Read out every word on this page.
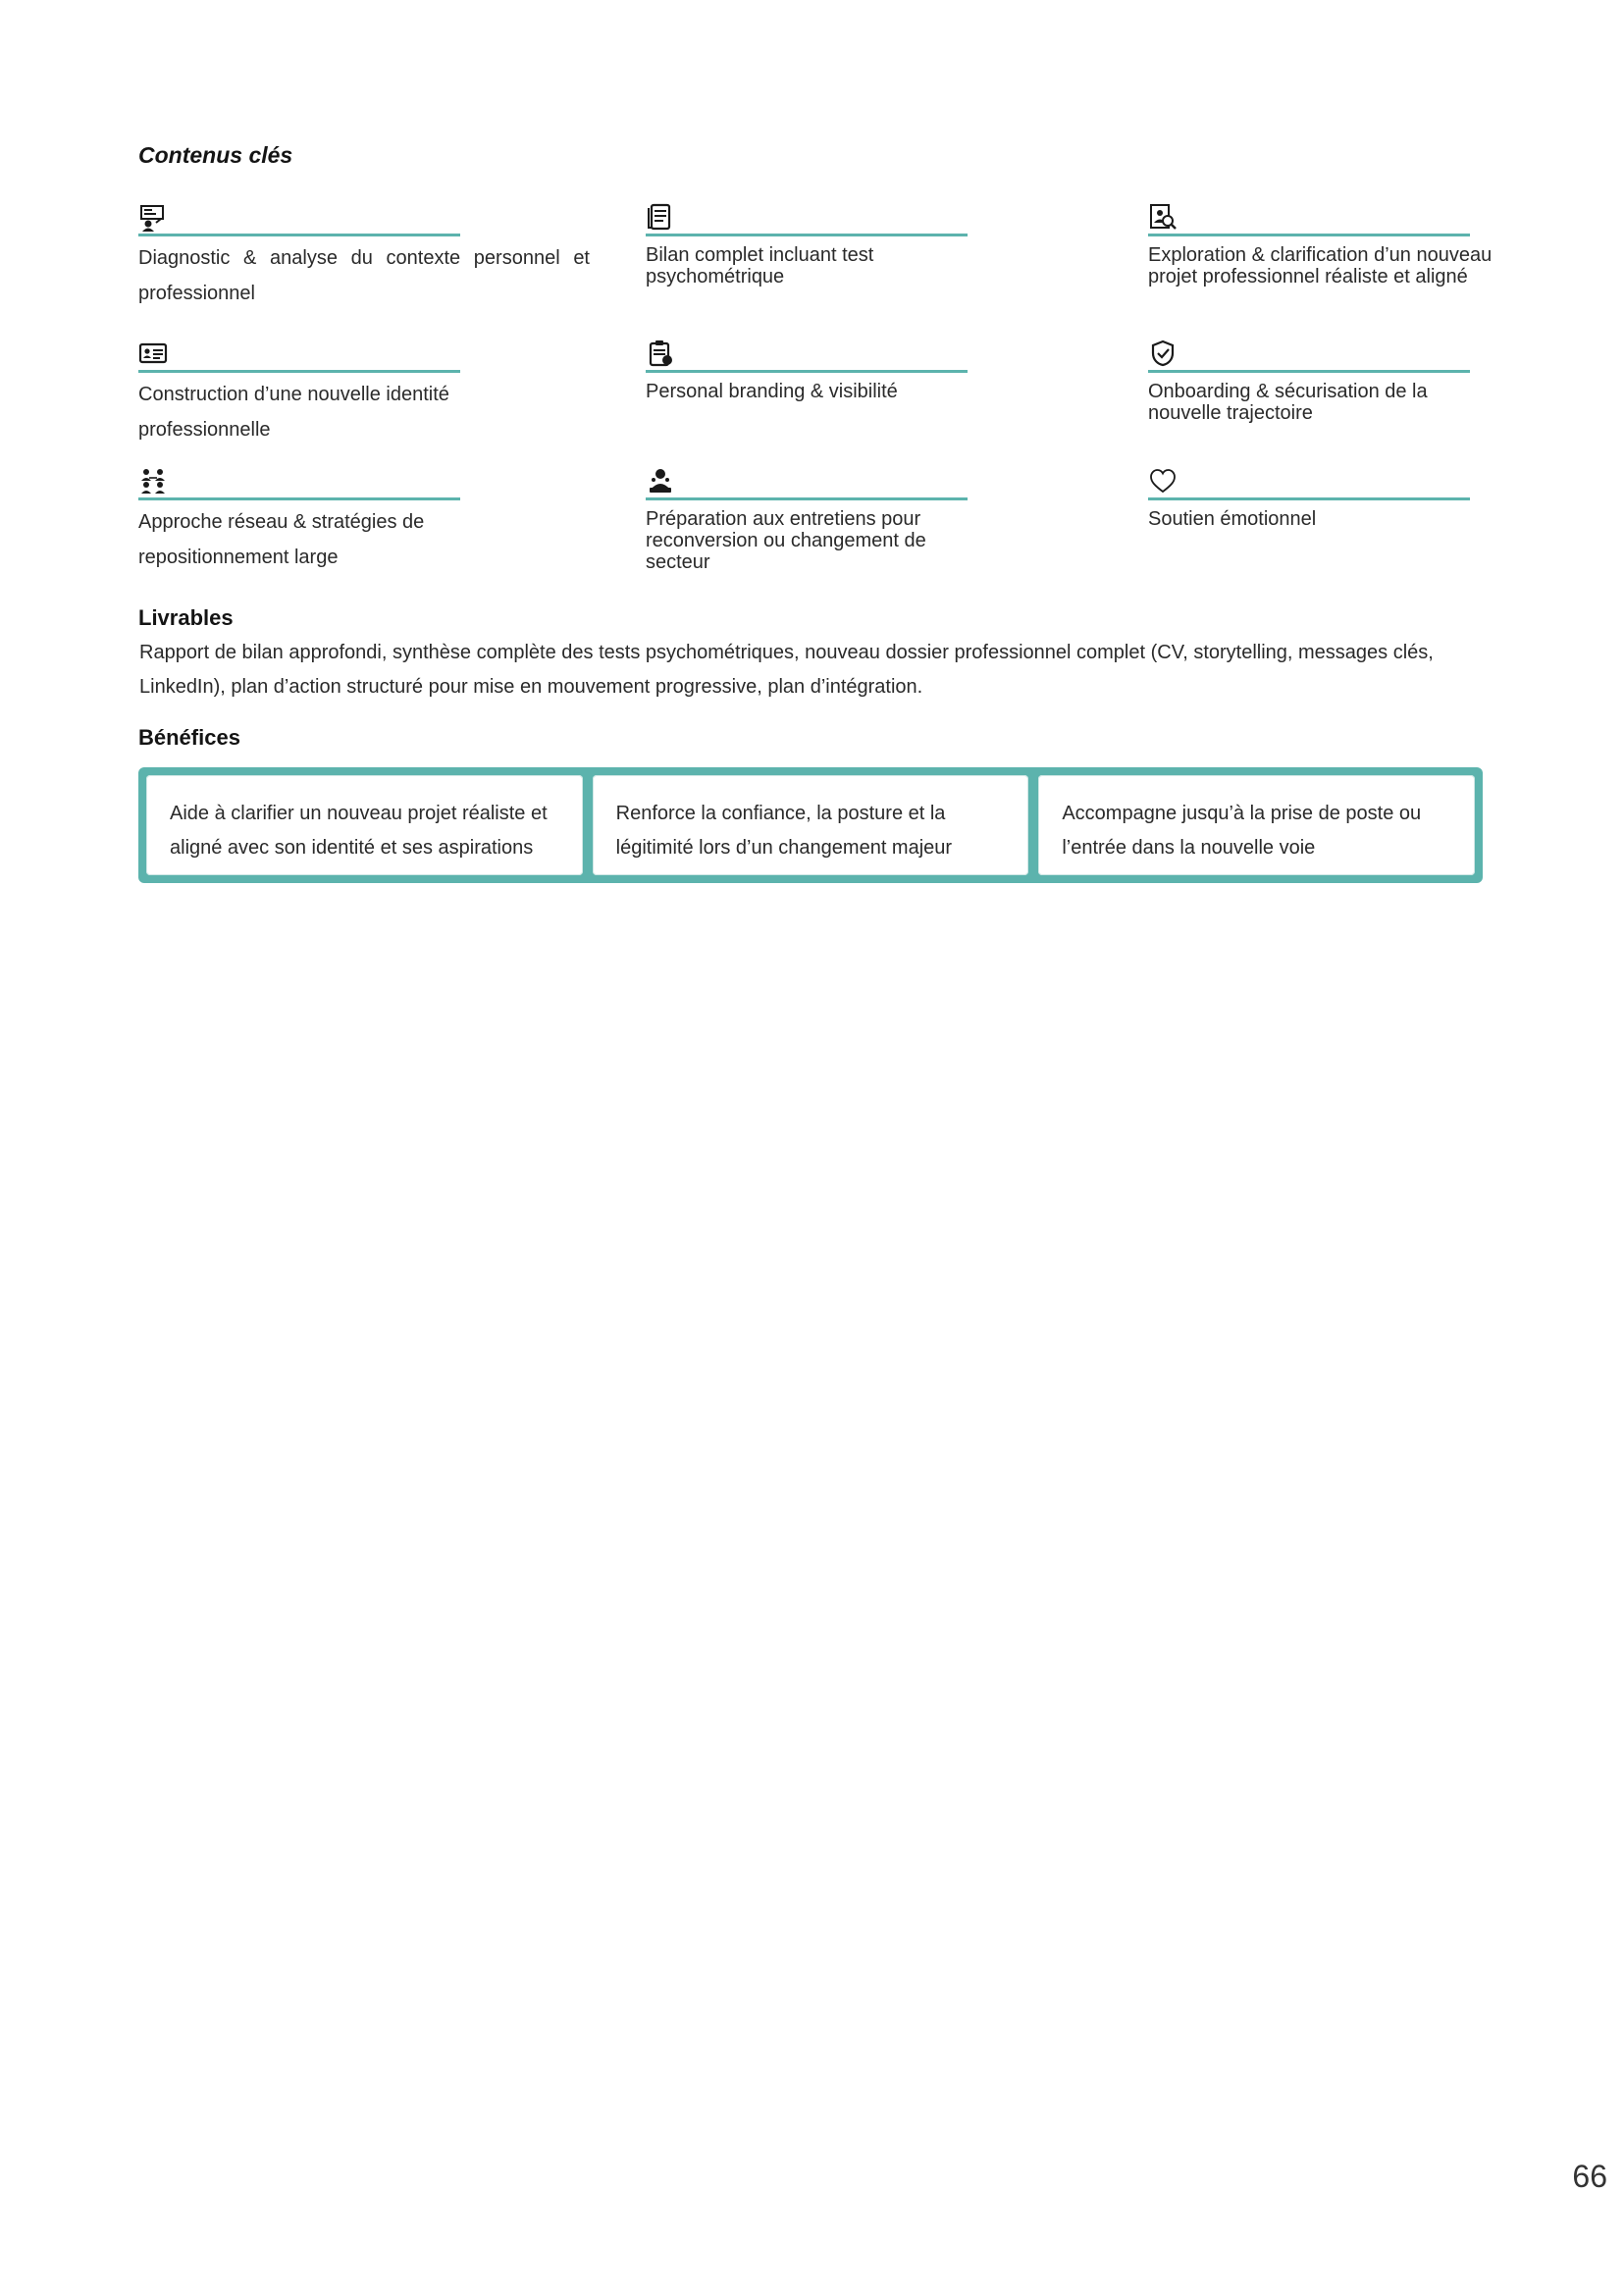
Contenus clés
Diagnostic & analyse du contexte personnel et professionnel
Bilan complet incluant test psychométrique
Exploration & clarification d’un nouveau projet professionnel réaliste et aligné
Construction d’une nouvelle identité professionnelle
Personal branding & visibilité	Onboarding & sécurisation de la nouvelle trajectoire
Approche réseau & stratégies de repositionnement large
Préparation aux entretiens pour reconversion ou changement de secteur
Soutien émotionnel
Livrables

Rapport de bilan approfondi, synthèse complète des tests psychométriques, nouveau dossier professionnel complet (CV, storytelling, messages clés, LinkedIn), plan d’action structuré pour mise en mouvement progressive, plan d’intégration.

Bénéfices
Aide à clarifier un nouveau projet réaliste et aligné avec son identité et ses aspirations
Renforce la confiance, la posture et la légitimité lors d’un changement majeur
Accompagne jusqu’à la prise de poste ou l’entrée dans la nouvelle voie
66
